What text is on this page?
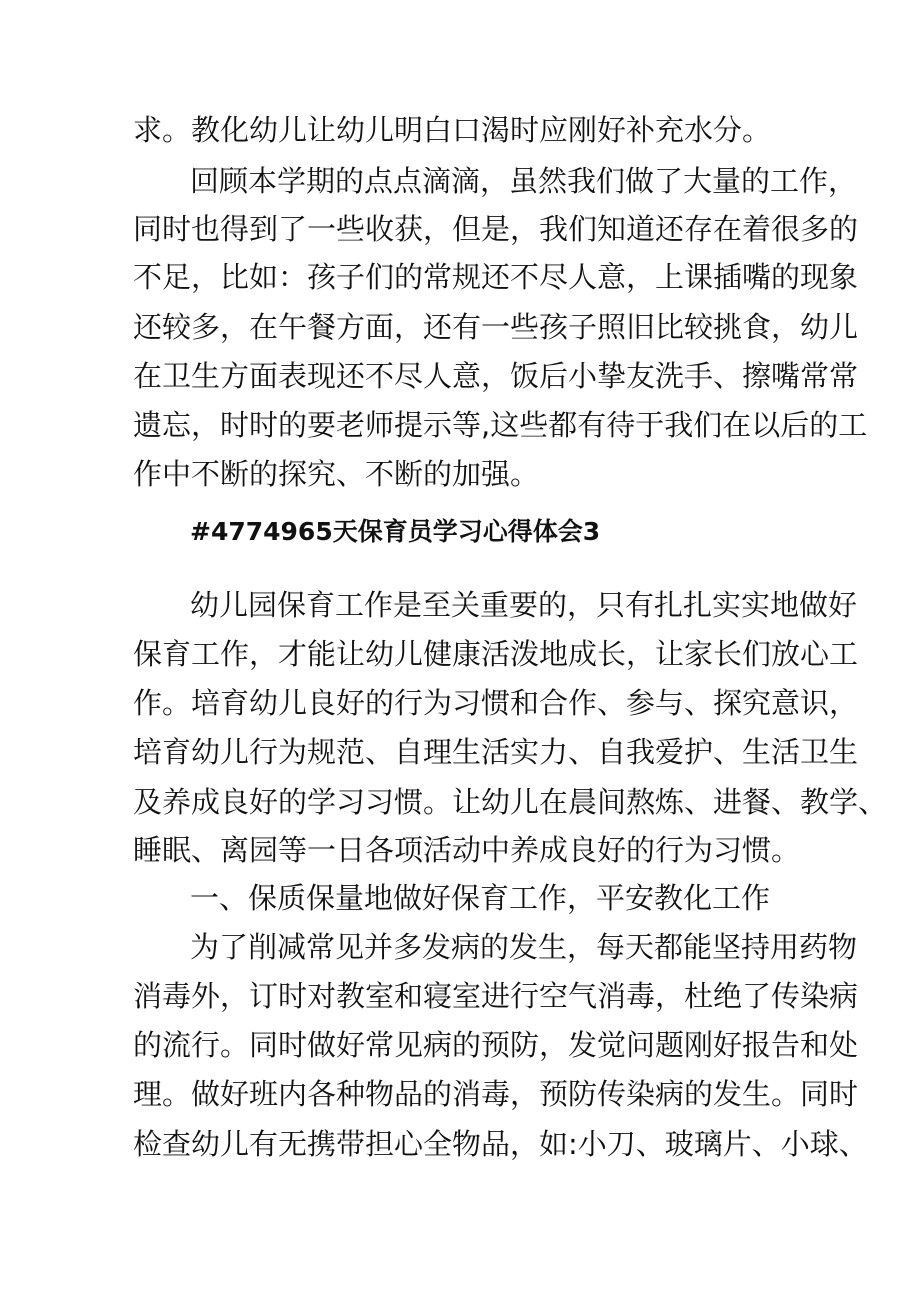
求。教化幼儿让幼儿明白口渴时应刚好补充水分。
回顾本学期的点点滴滴，虽然我们做了大量的工作，
同时也得到了一些收获，但是，我们知道还存在着很多的
不足，比如：孩子们的常规还不尽人意，上课插嘴的现象
还较多，在午餐方面，还有一些孩子照旧比较挑食，幼儿
在卫生方面表现还不尽人意，饭后小挚友洗手、擦嘴常常
遗忘，时时的要老师提示等,这些都有待于我们在以后的工
作中不断的探究、不断的加强。
#4774965天保育员学习心得体会3
幼儿园保育工作是至关重要的，只有扎扎实实地做好
保育工作，才能让幼儿健康活泼地成长，让家长们放心工
作。培育幼儿良好的行为习惯和合作、参与、探究意识，
培育幼儿行为规范、自理生活实力、自我爱护、生活卫生
及养成良好的学习习惯。让幼儿在晨间熬炼、进餐、教学、
睡眠、离园等一日各项活动中养成良好的行为习惯。
一、保质保量地做好保育工作，平安教化工作
为了削减常见并多发病的发生，每天都能坚持用药物
消毒外，订时对教室和寝室进行空气消毒，杜绝了传染病
的流行。同时做好常见病的预防，发觉问题刚好报告和处
理。做好班内各种物品的消毒，预防传染病的发生。同时
检查幼儿有无携带担心全物品，如:小刀、玻璃片、小球、
